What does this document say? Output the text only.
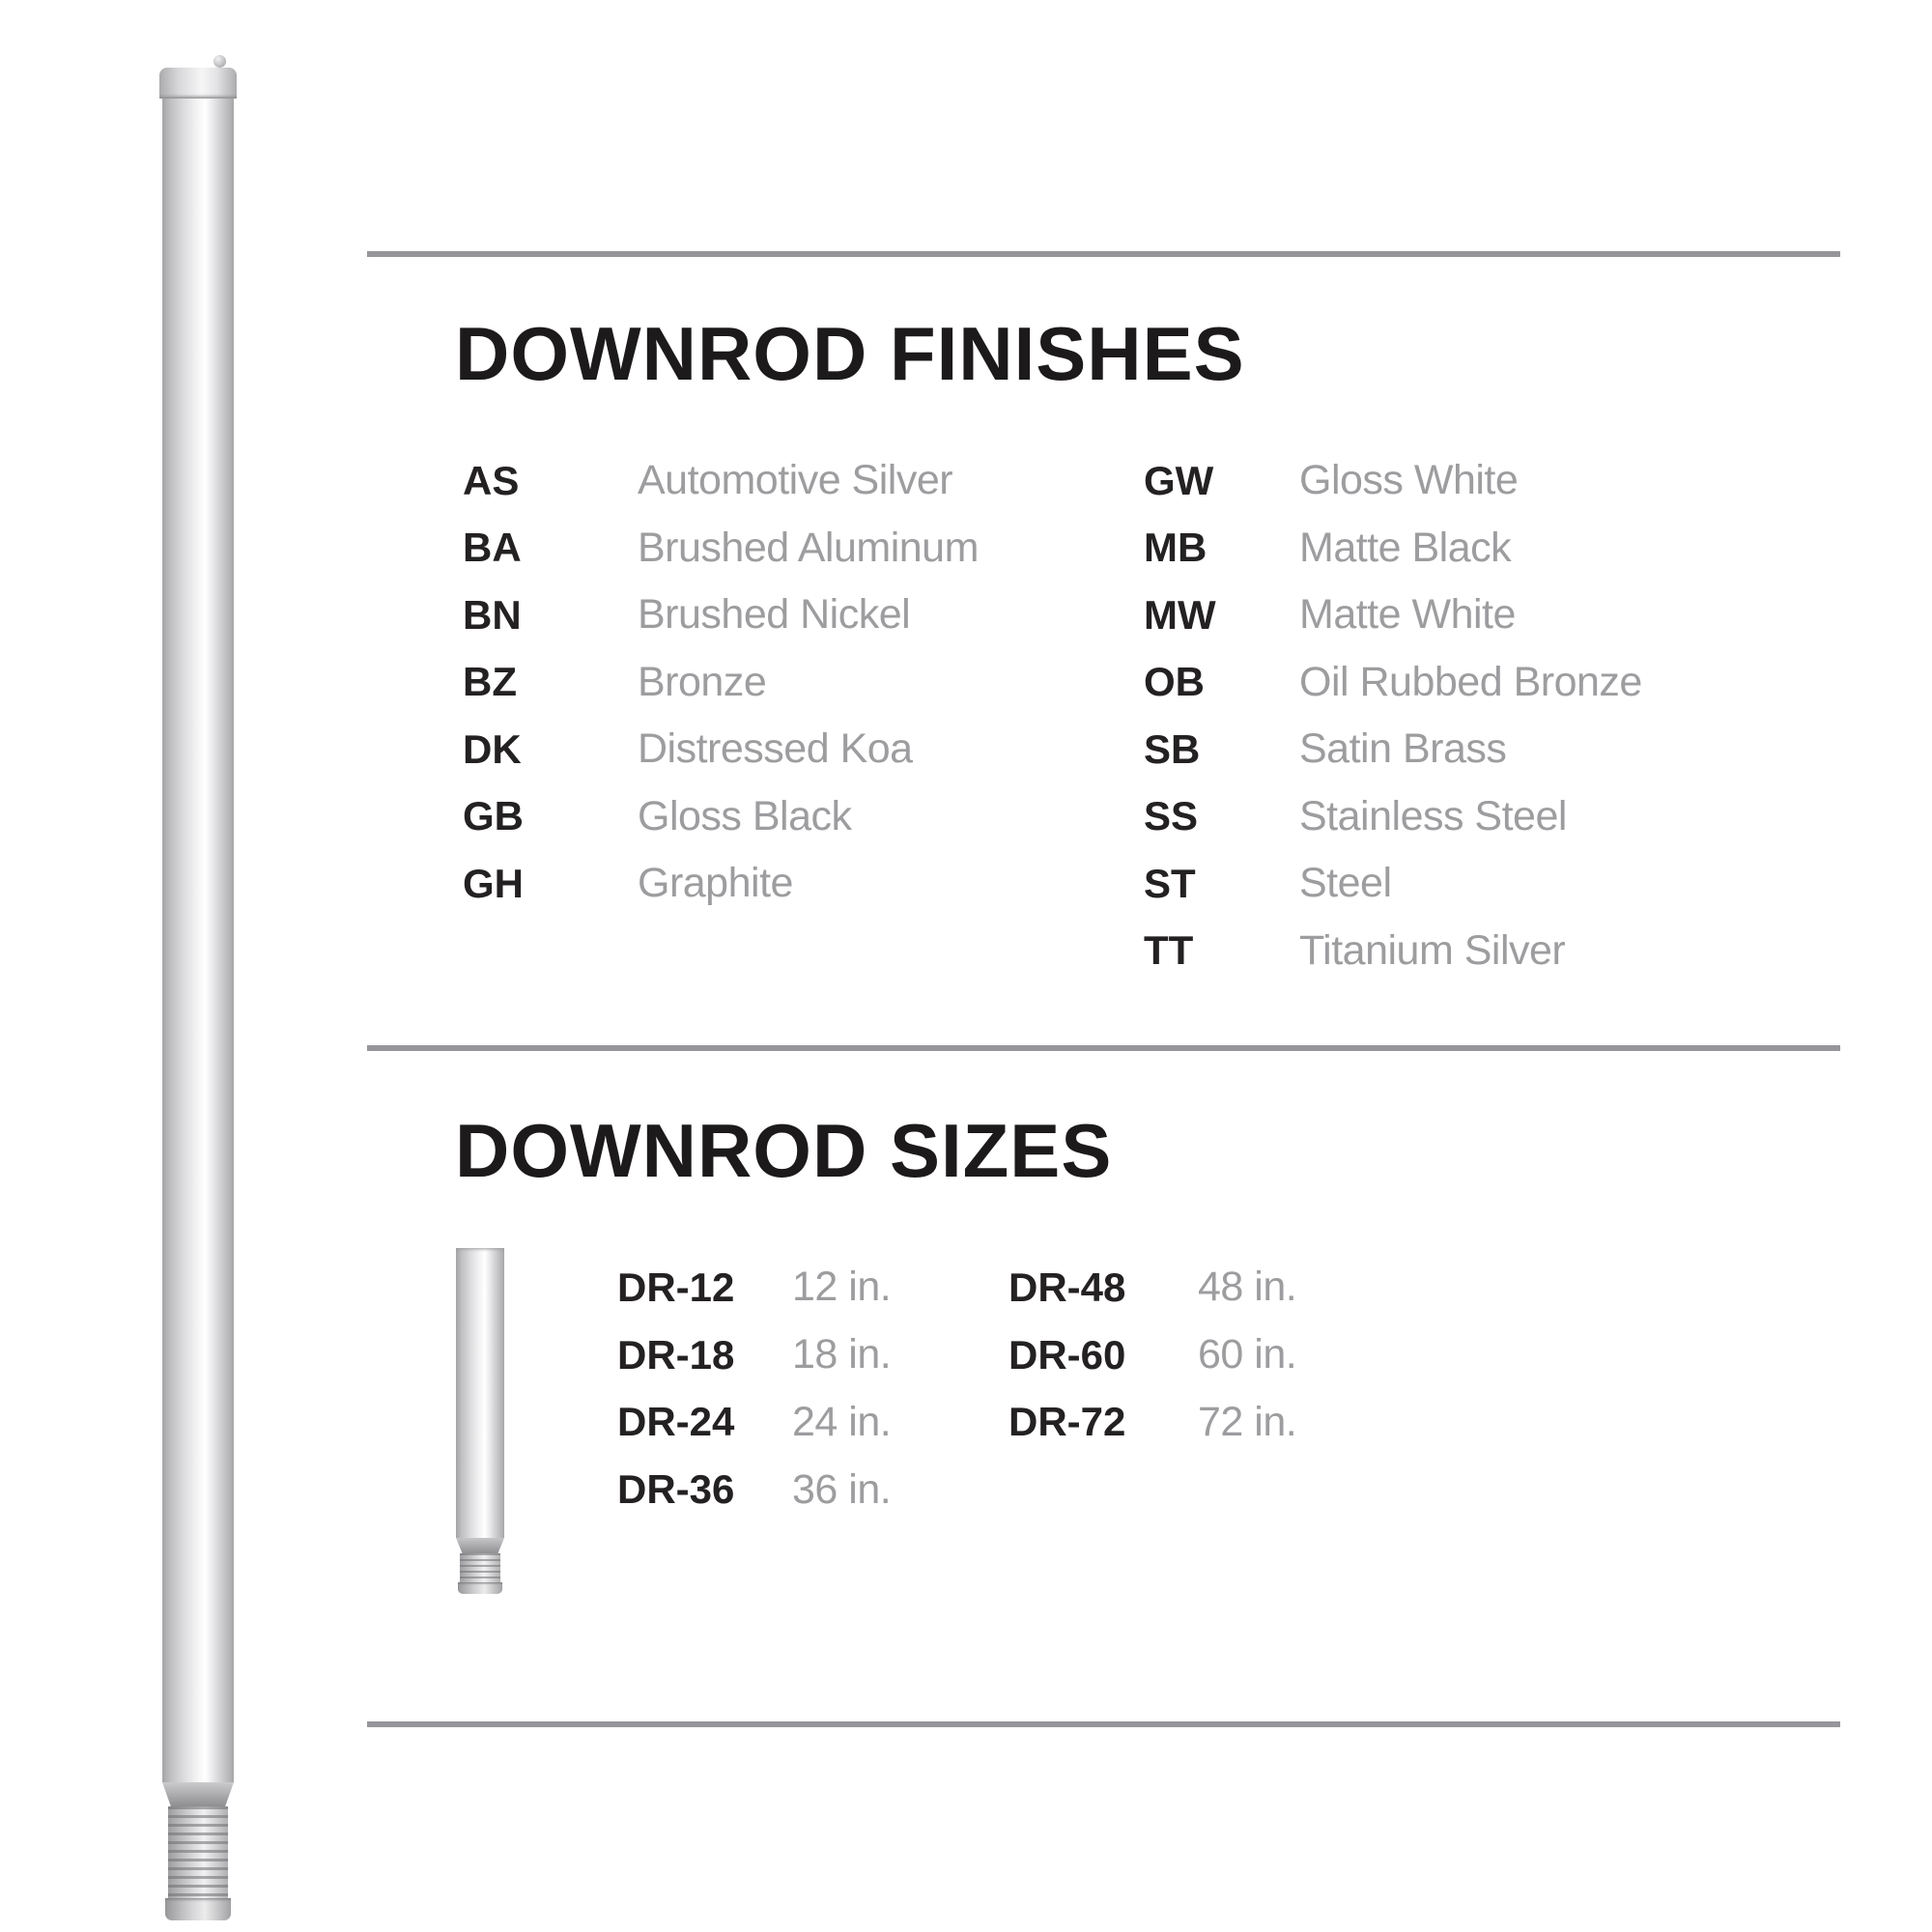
DOWNROD FINISHES
AS	Automotive Silver
BA	Brushed Aluminum
BN	Brushed Nickel
BZ	Bronze
DK	Distressed Koa
GB	Gloss Black
GH	Graphite
GW	Gloss White
MB	Matte Black
MW	Matte White
OB	Oil Rubbed Bronze
SB	Satin Brass
SS	Stainless Steel
ST	Steel
TT	Titanium Silver
DOWNROD SIZES
DR-12	12 in.
DR-18	18 in.
DR-24	24 in.
DR-36	36 in.
DR-48	48 in.
DR-60	60 in.
DR-72	72 in.
